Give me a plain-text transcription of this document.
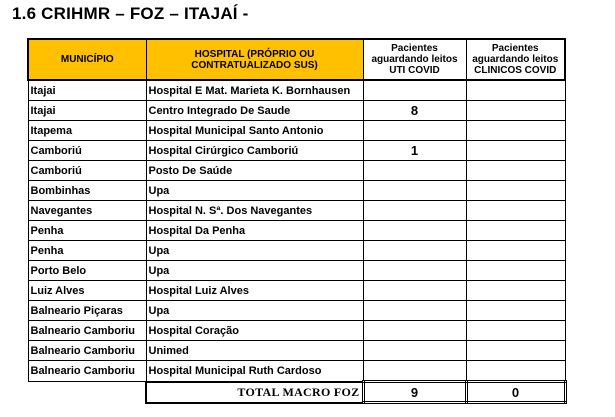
1.6 CRIHMR – FOZ – ITAJAÍ -
MUNICÍPIO	HOSPITAL (PRÓPRIO OU CONTRATUALIZADO SUS)	Pacientes aguardando leitos UTI COVID	Pacientes aguardando leitos CLINICOS COVID
Itajai	Hospital E Mat. Marieta K. Bornhausen		
Itajai	Centro Integrado De Saude	8	
Itapema	Hospital Municipal Santo Antonio		
Camboriú	Hospital Cirúrgico Camboriú	1	
Camboriú	Posto De Saúde		
Bombinhas	Upa		
Navegantes	Hospital N. Sª. Dos Navegantes		
Penha	Hospital Da Penha		
Penha	Upa		
Porto Belo	Upa		
Luiz Alves	Hospital Luiz Alves		
Balneario Piçaras	Upa		
Balneario Camboriu	Hospital Coração		
Balneario Camboriu	Unimed		
Balneario Camboriu	Hospital Municipal Ruth Cardoso		
	TOTAL MACRO FOZ	9	0
